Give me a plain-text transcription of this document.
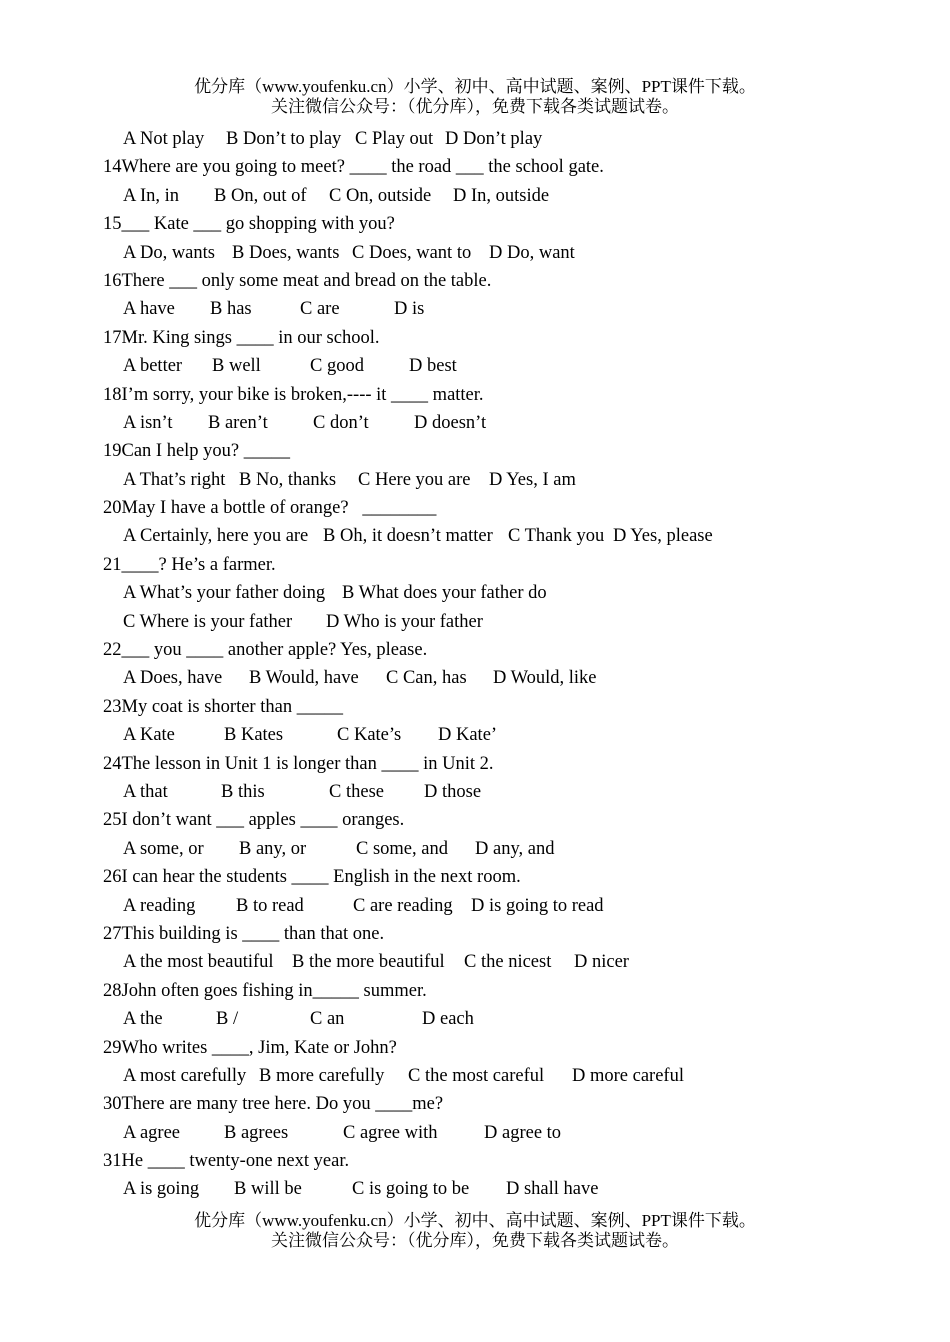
优分库（www.youfenku.cn）小学、初中、高中试题、案例、PPT课件下载。
关注微信公众号：（优分库），免费下载各类试题试卷。
A Not play B Don’t to play C Play out D Don’t play
14Where are you going to meet? ____ the road ___ the school gate.
A In, in B On, out of C On, outside D In, outside
15___ Kate ___ go shopping with you?
A Do, wants B Does, wants C Does, want to D Do, want
16There ___ only some meat and bread on the table.
A have B has	C are	D is
17Mr. King sings ____ in our school.
A better B well	C good D best
18I’m sorry, your bike is broken,---- it ____ matter.
A isn’t B aren’t C don’t D doesn’t
19Can I help you? _____
A That’s right B No, thanks C Here you are D Yes, I am
20May I have a bottle of orange?   ________
A Certainly, here you are B Oh, it doesn’t matter C Thank you D Yes, please
21____? He’s a farmer.
A What’s your father doing B What does your father do
C Where is your father D Who is your father
22___ you ____ another apple? Yes, please.
A Does, have B Would, have C Can, has D Would, like
23My coat is shorter than _____
A Kate	B Kates	C Kate’s D Kate’
24The lesson in Unit 1 is longer than ____ in Unit 2.
A that	B this	C these D those
25I don’t want ___ apples ____ oranges.
A some, or B any, or	C some, and D any, and
26I can hear the students ____ English in the next room.
A reading B to read	C are reading D is going to read
27This building is ____ than that one.
A the most beautiful B the more beautiful C the nicest D nicer
28John often goes fishing in_____ summer.
A the	B /	C an	D each
29Who writes ____, Jim, Kate or John?
A most carefully B more carefully C the most careful D more careful
30There are many tree here. Do you ____me?
A agree B agrees	C agree with	D agree to
31He ____ twenty-one next year.
A is going B will be	C is going to be D shall have
优分库（www.youfenku.cn）小学、初中、高中试题、案例、PPT课件下载。
关注微信公众号：（优分库），免费下载各类试题试卷。
